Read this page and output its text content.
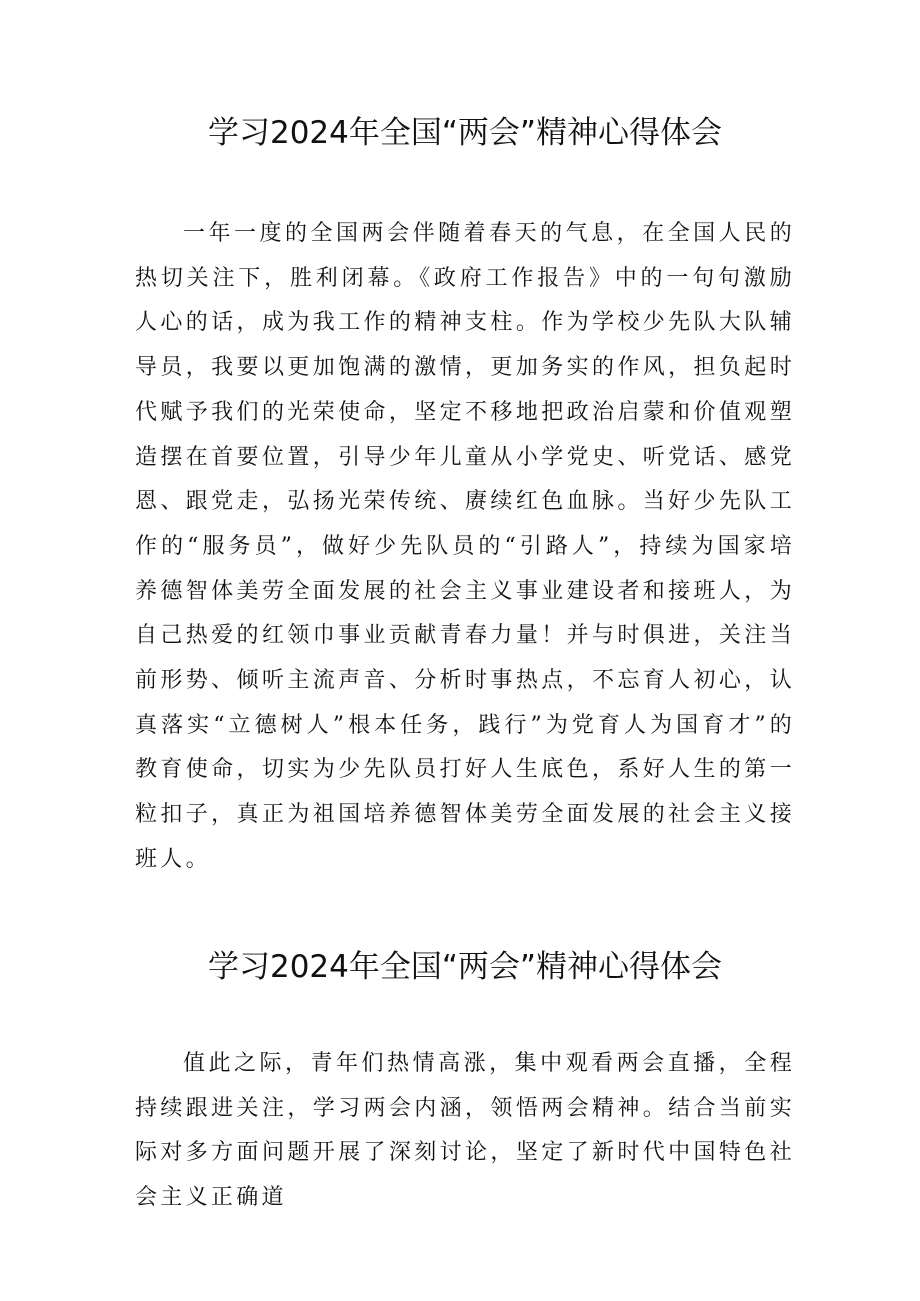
学习2024年全国“两会”精神心得体会

一年一度的全国两会伴随着春天的气息，在全国人民的热切关注下，胜利闭幕。《政府工作报告》中的一句句激励人心的话，成为我工作的精神支柱。作为学校少先队大队辅导员，我要以更加饱满的激情，更加务实的作风，担负起时代赋予我们的光荣使命，坚定不移地把政治启蒙和价值观塑造摆在首要位置，引导少年儿童从小学党史、听党话、感党恩、跟党走，弘扬光荣传统、赓续红色血脉。当好少先队工作的“服务员”，做好少先队员的“引路人”，持续为国家培养德智体美劳全面发展的社会主义事业建设者和接班人，为自己热爱的红领巾事业贡献青春力量！并与时俱进，关注当前形势、倾听主流声音、分析时事热点，不忘育人初心，认真落实“立德树人”根本任务，践行”为党育人为国育才”的教育使命，切实为少先队员打好人生底色，系好人生的第一粒扣子，真正为祖国培养德智体美劳全面发展的社会主义接班人。

学习2024年全国“两会”精神心得体会

值此之际，青年们热情高涨，集中观看两会直播，全程持续跟进关注，学习两会内涵，领悟两会精神。结合当前实际对多方面问题开展了深刻讨论，坚定了新时代中国特色社会主义正确道
